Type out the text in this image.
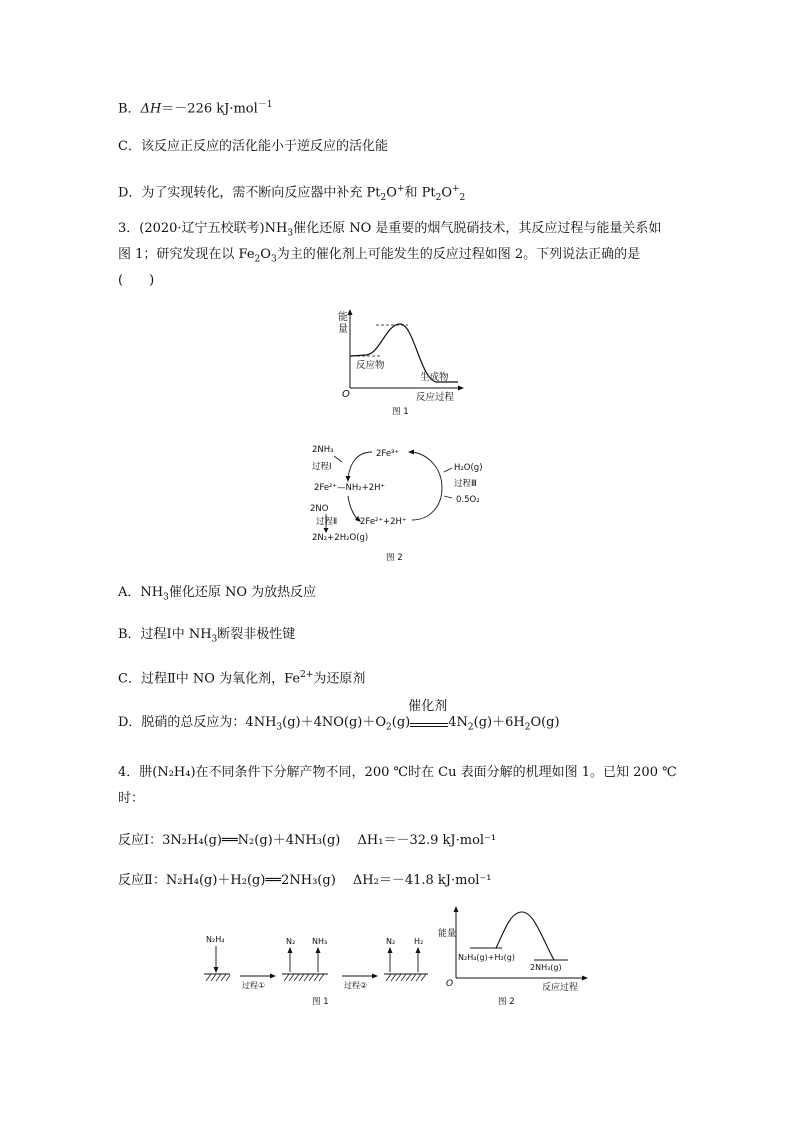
B．ΔH＝－226 kJ·mol$^{-1}$
C．该反应正反应的活化能小于逆反应的活化能
D．为了实现转化，需不断向反应器中补充 $Pt_2O^+$和 $Pt_2O^+_2$
3．(2020·辽宁五校联考)$NH_3$催化还原 NO 是重要的烟气脱硝技术，其反应过程与能量关系如
图 1；研究发现在以 $Fe_2O_3$为主的催化剂上可能发生的反应过程如图 2。下列说法正确的是
(　　)
能
量
反应物
生成物
O	反应过程
图 1
2NH₃
过程Ⅰ
2Fe³⁺
2Fe²⁺—NH₂+2H⁺
2NO
过程Ⅱ	2Fe²⁺+2H⁺
2N₂+2H₂O(g)
H₂O(g)
过程Ⅲ
0.5O₂
图 2
A．$NH_3$催化还原 NO 为放热反应
B．过程Ⅰ中 $NH_3$断裂非极性键
C．过程Ⅱ中 NO 为氧化剂，$Fe^{2+}$为还原剂
D．脱硝的总反应为：$4NH_3(g)+4NO(g)+O_2(g)$
催化剂
$4N_2(g)+6H_2O(g)$
4．肼(N₂H₄)在不同条件下分解产物不同，200 ℃时在 Cu 表面分解的机理如图 1。已知 200 ℃
时：
反应Ⅰ：3N₂H₄(g)══N₂(g)＋4NH₃(g)　 ΔH₁＝－32.9 kJ·mol⁻¹
反应Ⅱ：N₂H₄(g)＋H₂(g)══2NH₃(g)　 ΔH₂＝－41.8 kJ·mol⁻¹
N₂H₄
过程①
N₂ NH₃
过程②
N₂ H₂
图 1
能量
N₂H₄(g)+H₂(g)
2NH₃(g)
O	反应过程
图 2
